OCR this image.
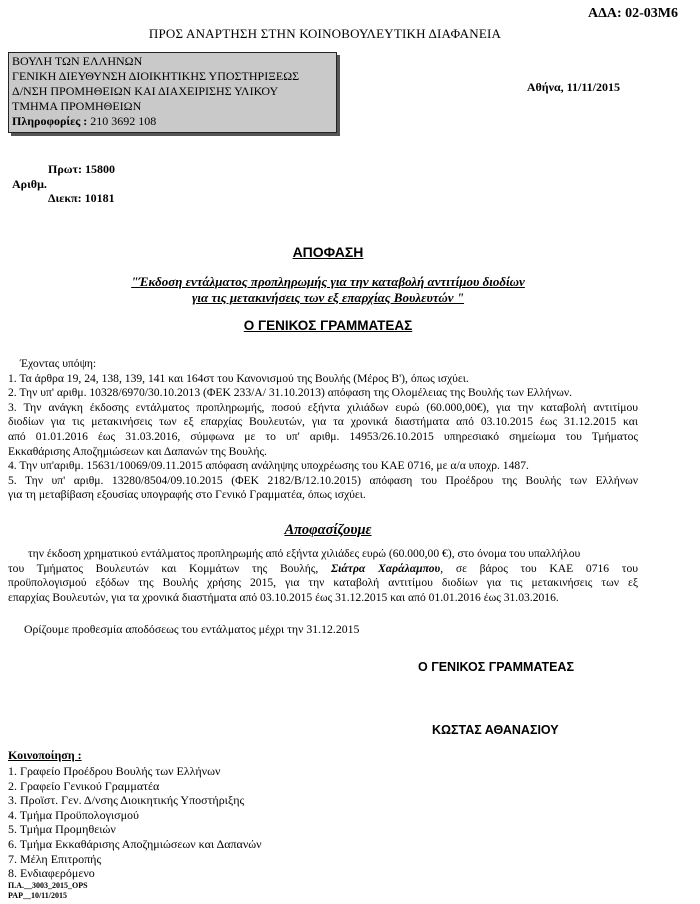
ΑΔΑ: 02-03Μ6
ΠΡΟΣ ΑΝΑΡΤΗΣΗ ΣΤΗΝ ΚΟΙΝΟΒΟΥΛΕΥΤΙΚΗ ΔΙΑΦΑΝΕΙΑ
ΒΟΥΛΗ ΤΩΝ ΕΛΛΗΝΩΝ
ΓΕΝΙΚΗ ΔΙΕΥΘΥΝΣΗ ΔΙΟΙΚΗΤΙΚΗΣ ΥΠΟΣΤΗΡΙΞΕΩΣ
Δ/ΝΣΗ ΠΡΟΜΗΘΕΙΩΝ ΚΑΙ ΔΙΑΧΕΙΡΙΣΗΣ ΥΛΙΚΟΥ
ΤΜΗΜΑ ΠΡΟΜΗΘΕΙΩΝ
Πληροφορίες : 210 3692 108
Αθήνα, 11/11/2015
Πρωτ: 15800
Αριθμ.
Διεκπ: 10181
ΑΠΟΦΑΣΗ
"Έκδοση εντάλματος προπληρωμής για την καταβολή αντιτίμου διοδίων
για τις μετακινήσεις των εξ επαρχίας Βουλευτών "
Ο ΓΕΝΙΚΟΣ ΓΡΑΜΜΑΤΕΑΣ
Έχοντας υπόψη:
1. Τα άρθρα 19, 24, 138, 139, 141 και 164στ του Κανονισμού της Βουλής (Μέρος Β'), όπως ισχύει.
2. Την υπ' αριθμ. 10328/6970/30.10.2013 (ΦΕΚ 233/Α/ 31.10.2013) απόφαση της Ολομέλειας της Βουλής των Ελλήνων.
3. Την ανάγκη έκδοσης εντάλματος προπληρωμής, ποσού εξήντα χιλιάδων ευρώ (60.000,00€), για την καταβολή αντιτίμου
διοδίων για τις μετακινήσεις των εξ επαρχίας Βουλευτών, για τα χρονικά διαστήματα από 03.10.2015 έως 31.12.2015 και
από 01.01.2016 έως 31.03.2016, σύμφωνα με το υπ' αριθμ. 14953/26.10.2015 υπηρεσιακό σημείωμα του Τμήματος
Εκκαθάρισης Αποζημιώσεων και Δαπανών της Βουλής.
4. Την υπ'αριθμ. 15631/10069/09.11.2015 απόφαση ανάληψης υποχρέωσης του ΚΑΕ 0716, με α/α υποχρ. 1487.
5. Την υπ' αριθμ. 13280/8504/09.10.2015 (ΦΕΚ 2182/Β/12.10.2015) απόφαση του Προέδρου της Βουλής των Ελλήνων
για τη μεταβίβαση εξουσίας υπογραφής στο Γενικό Γραμματέα, όπως ισχύει.
Αποφασίζουμε
την έκδοση χρηματικού εντάλματος προπληρωμής από εξήντα χιλιάδες ευρώ (60.000,00 €), στο όνομα του υπαλλήλου
του Τμήματος Βουλευτών και Κομμάτων της Βουλής, Σιάτρα Χαράλαμπου, σε βάρος του ΚΑΕ 0716 του
προϋπολογισμού εξόδων της Βουλής χρήσης 2015, για την καταβολή αντιτίμου διοδίων για τις μετακινήσεις των εξ
επαρχίας Βουλευτών, για τα χρονικά διαστήματα από 03.10.2015 έως 31.12.2015 και από 01.01.2016 έως 31.03.2016.
Ορίζουμε προθεσμία αποδόσεως του εντάλματος μέχρι την 31.12.2015
Ο ΓΕΝΙΚΟΣ ΓΡΑΜΜΑΤΕΑΣ
ΚΩΣΤΑΣ ΑΘΑΝΑΣΙΟΥ
Κοινοποίηση :
1. Γραφείο Προέδρου Βουλής των Ελλήνων
2. Γραφείο Γενικού Γραμματέα
3. Προϊστ. Γεν. Δ/νσης Διοικητικής Υποστήριξης
4. Τμήμα Προϋπολογισμού
5. Τμήμα Προμηθειών
6. Τμήμα Εκκαθάρισης Αποζημιώσεων και Δαπανών
7. Μέλη Επιτροπής
8. Ενδιαφερόμενο
Π.Α.__3003_2015_OPS
PAP__10/11/2015
